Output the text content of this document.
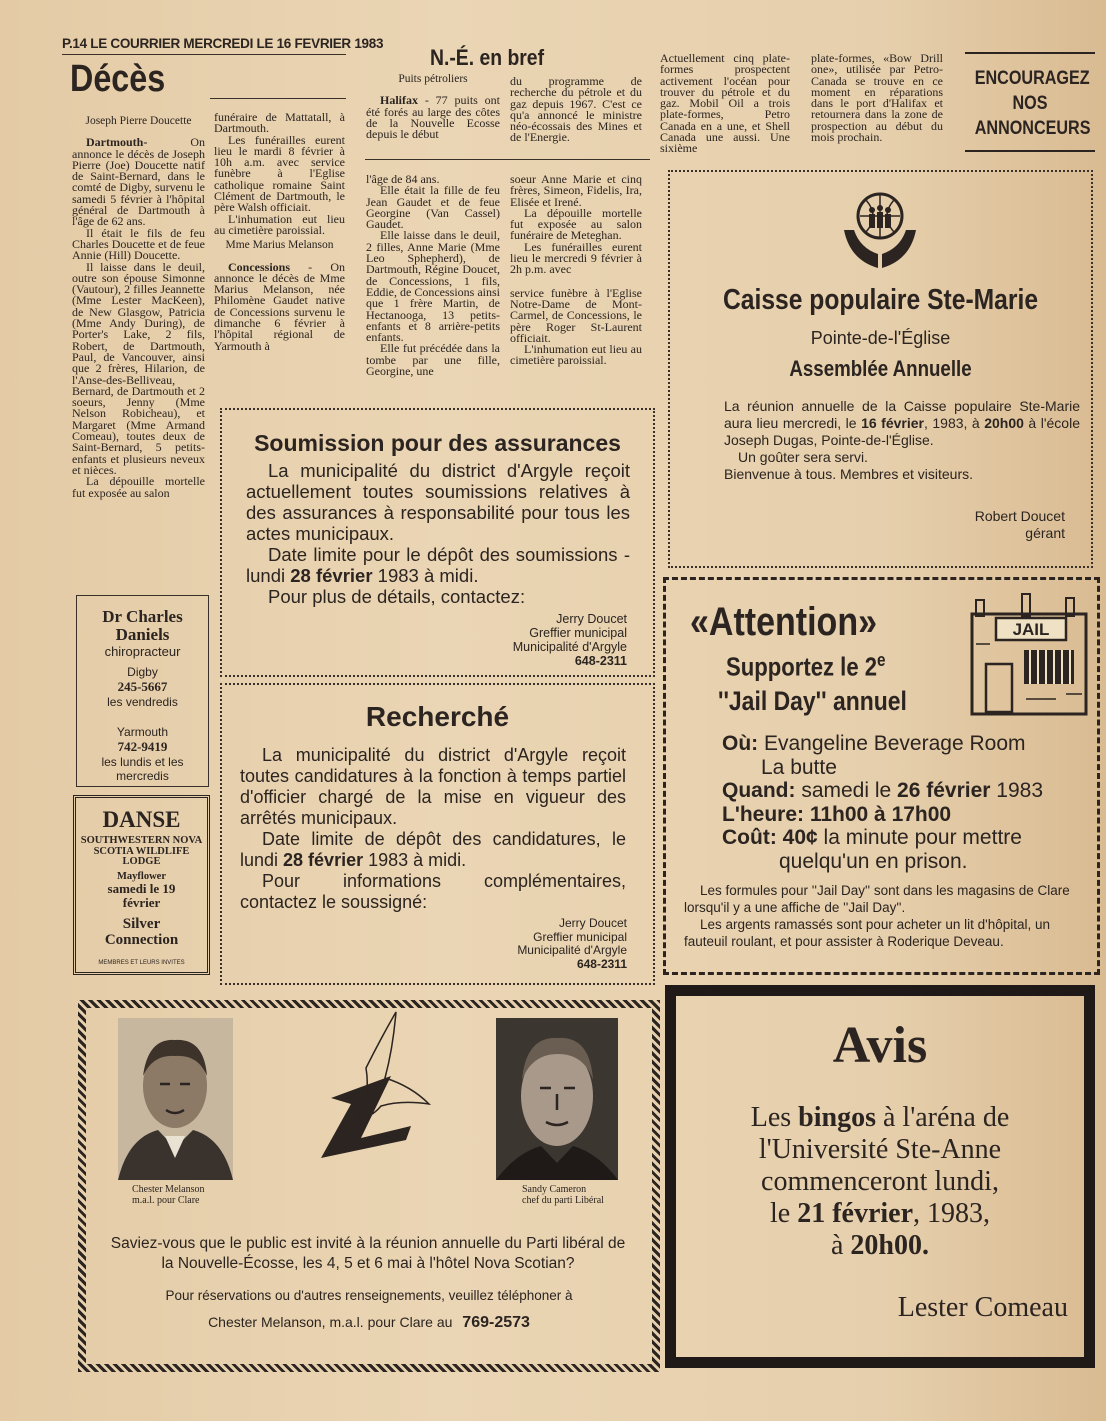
P.14 LE COURRIER MERCREDI LE 16 FEVRIER 1983
Décès

Joseph Pierre Doucette

Dartmouth- On annonce le décès de Joseph Pierre (Joe) Doucette natif de Saint-Bernard, dans le comté de Digby, survenu le samedi 5 février à l'hôpital général de Dartmouth à l'âge de 62 ans.

Il était le fils de feu Charles Doucette et de feue Annie (Hill) Doucette.

Il laisse dans le deuil, outre son épouse Simonne (Vautour), 2 filles Jeannette (Mme Lester MacKeen), de New Glasgow, Patricia (Mme Andy During), de Porter's Lake, 2 fils, Robert, de Dartmouth, Paul, de Vancouver, ainsi que 2 frères, Hilarion, de l'Anse-des-Belliveau, Bernard, de Dartmouth et 2 soeurs, Jenny (Mme Nelson Robicheau), et Margaret (Mme Armand Comeau), toutes deux de Saint-Bernard, 5 petits-enfants et plusieurs neveux et nièces.

La dépouille mortelle fut exposée au salon

funéraire de Mattatall, à Dartmouth.

Les funérailles eurent lieu le mardi 8 février à 10h a.m. avec service funèbre à l'Eglise catholique romaine Saint Clément de Dartmouth, le père Walsh officiait.

L'inhumation eut lieu au cimetière paroissial.

Mme Marius Melanson

Concessions - On annonce le décès de Mme Marius Melanson, née Philomène Gaudet native de Concessions survenu le dimanche 6 février à l'hôpital régional de Yarmouth à

l'âge de 84 ans.

Elle était la fille de feu Jean Gaudet et de feue Georgine (Van Cassel) Gaudet.

Elle laisse dans le deuil, 2 filles, Anne Marie (Mme Leo Sphepherd), de Dartmouth, Régine Doucet, de Concessions, 1 fils, Eddie, de Concessions ainsi que 1 frère Martin, de Hectanooga, 13 petits-enfants et 8 arrière-petits enfants.

Elle fut précédée dans la tombe par une fille, Georgine, une

soeur Anne Marie et cinq frères, Simeon, Fidelis, Ira, Elisée et Irené.

La dépouille mortelle fut exposée au salon funéraire de Meteghan.

Les funérailles eurent lieu le mercredi 9 février à 2h p.m. avec

service funèbre à l'Eglise Notre-Dame de Mont-Carmel, de Concessions, le père Roger St-Laurent officiait.

L'inhumation eut lieu au cimetière paroissial.

N.-É. en bref

Puits pétroliers

Halifax - 77 puits ont été forés au large des côtes de la Nouvelle Ecosse depuis le début

du programme de recherche du pétrole et du gaz depuis 1967. C'est ce qu'a annoncé le ministre néo-écossais des Mines et de l'Energie.

Actuellement cinq plate-formes prospectent activement l'océan pour trouver du pétrole et du gaz. Mobil Oil a trois plate-formes, Petro Canada en a une, et Shell Canada une aussi. Une sixième

plate-formes, «Bow Drill one», utilisée par Petro-Canada se trouve en ce moment en réparations dans le port d'Halifax et retournera dans la zone de prospection au début du mois prochain.

ENCOURAGEZ
NOS
ANNONCEURS
Caisse populaire Ste-Marie
Pointe-de-l'Église
Assemblée Annuelle

La réunion annuelle de la Caisse populaire Ste-Marie aura lieu mercredi, le 16 février, 1983, à 20h00 à l'école Joseph Dugas, Pointe-de-l'Église.

Un goûter sera servi.

Bienvenue à tous. Membres et visiteurs.

Robert Doucet
gérant
Soumission pour des assurances

La municipalité du district d'Argyle reçoit actuellement toutes soumissions relatives à des assurances à responsabilité pour tous les actes municipaux.

Date limite pour le dépôt des soumissions - lundi 28 février 1983 à midi.

Pour plus de détails, contactez:

Jerry Doucet
Greffier municipal
Municipalité d'Argyle
648-2311
Recherché

La municipalité du district d'Argyle reçoit toutes candidatures à la fonction à temps partiel d'officier chargé de la mise en vigueur des arrêtés municipaux.

Date limite de dépôt des candidatures, le lundi 28 février 1983 à midi.

Pour informations complémentaires, contactez le soussigné:

Jerry Doucet
Greffier municipal
Municipalité d'Argyle
648-2311
Dr Charles Daniels
chiropracteur
Digby
245-5667
les vendredis
Yarmouth
742-9419
les lundis et les mercredis
DANSE
SOUTHWESTERN NOVA SCOTIA WILDLIFE LODGE
Mayflower
samedi le 19 février
Silver Connection
MEMBRES ET LEURS INVITES
«Attention»
Supportez le 2e
''Jail Day'' annuel
JAIL
Où: Evangeline Beverage Room
La butte
Quand: samedi le 26 février 1983
L'heure: 11h00 à 17h00
Coût: 40¢ la minute pour mettre
quelqu'un en prison.

Les formules pour ''Jail Day'' sont dans les magasins de Clare lorsqu'il y a une affiche de ''Jail Day''.

Les argents ramassés sont pour acheter un lit d'hôpital, un fauteuil roulant, et pour assister à Roderique Deveau.

Chester Melanson
m.a.l. pour Clare
Sandy Cameron
chef du parti Libéral
Saviez-vous que le public est invité à la réunion annuelle du Parti libéral de la Nouvelle-Écosse, les 4, 5 et 6 mai à l'hôtel Nova Scotian?
Pour réservations ou d'autres renseignements, veuillez téléphoner à
Chester Melanson, m.a.l. pour Clare au 769-2573
Avis
Les bingos à l'aréna de
l'Université Ste-Anne
commenceront lundi,
le 21 février, 1983,
à 20h00.
Lester Comeau
